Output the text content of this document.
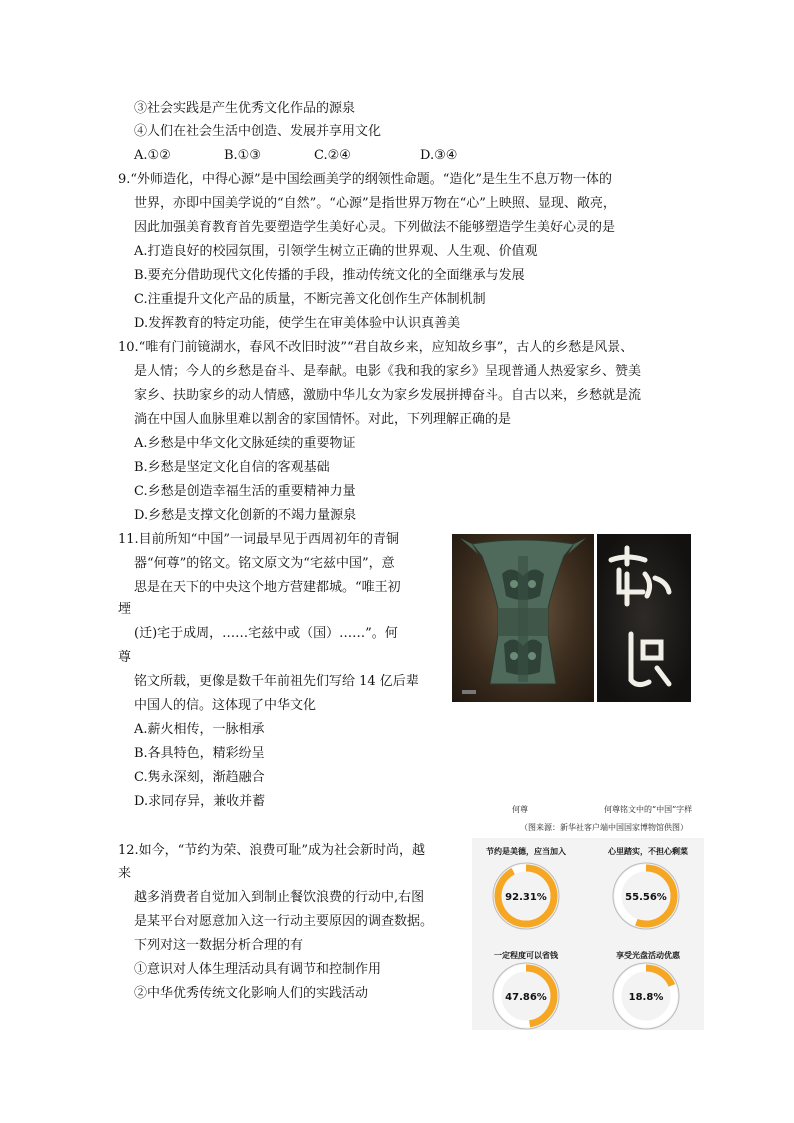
③社会实践是产生优秀文化作品的源泉
④人们在社会生活中创造、发展并享用文化
A.①②	B.①③	C.②④	D.③④
9.“外师造化，中得心源”是中国绘画美学的纲领性命题。“造化”是生生不息万物一体的
世界，亦即中国美学说的“自然”。“心源”是指世界万物在“心”上映照、显现、敞亮，
因此加强美育教育首先要塑造学生美好心灵。下列做法不能够塑造学生美好心灵的是
A.打造良好的校园氛围，引领学生树立正确的世界观、人生观、价值观
B.要充分借助现代文化传播的手段，推动传统文化的全面继承与发展
C.注重提升文化产品的质量，不断完善文化创作生产体制机制
D.发挥教育的特定功能，使学生在审美体验中认识真善美
10.“唯有门前镜湖水，春风不改旧时波”“君自故乡来，应知故乡事”，古人的乡愁是风景、
是人情；今人的乡愁是奋斗、是奉献。电影《我和我的家乡》呈现普通人热爱家乡、赞美
家乡、扶助家乡的动人情感，激励中华儿女为家乡发展拼搏奋斗。自古以来，乡愁就是流
淌在中国人血脉里难以割舍的家国情怀。对此，下列理解正确的是
A.乡愁是中华文化文脉延续的重要物证
B.乡愁是坚定文化自信的客观基础
C.乡愁是创造幸福生活的重要精神力量
D.乡愁是支撑文化创新的不竭力量源泉
11.目前所知“中国”一词最早见于西周初年的青铜
器“何尊”的铭文。铭文原文为“宅兹中国”，意
思是在天下的中央这个地方营建都城。“唯王初
堙
(迁)宅于成周，……宅兹中或（国）……”。何
尊
铭文所载，更像是数千年前祖先们写给 14 亿后辈
中国人的信。这体现了中华文化
A.薪火相传，一脉相承
B.各具特色，精彩纷呈
C.隽永深刻，渐趋融合
D.求同存异，兼收并蓄
何尊	何尊铭文中的“中国”字样
（图来源：新华社客户端中国国家博物馆供图）
12.如今，“节约为荣、浪费可耻”成为社会新时尚，越
来
越多消费者自觉加入到制止餐饮浪费的行动中,右图
是某平台对愿意加入这一行动主要原因的调查数据。
下列对这一数据分析合理的有
①意识对人体生理活动具有调节和控制作用
②中华优秀传统文化影响人们的实践活动
节约是美德，应当加入	心里踏实，不担心剩菜
一定程度可以省钱	享受光盘活动优惠
92.31%	55.56%
47.86%	18.8%
